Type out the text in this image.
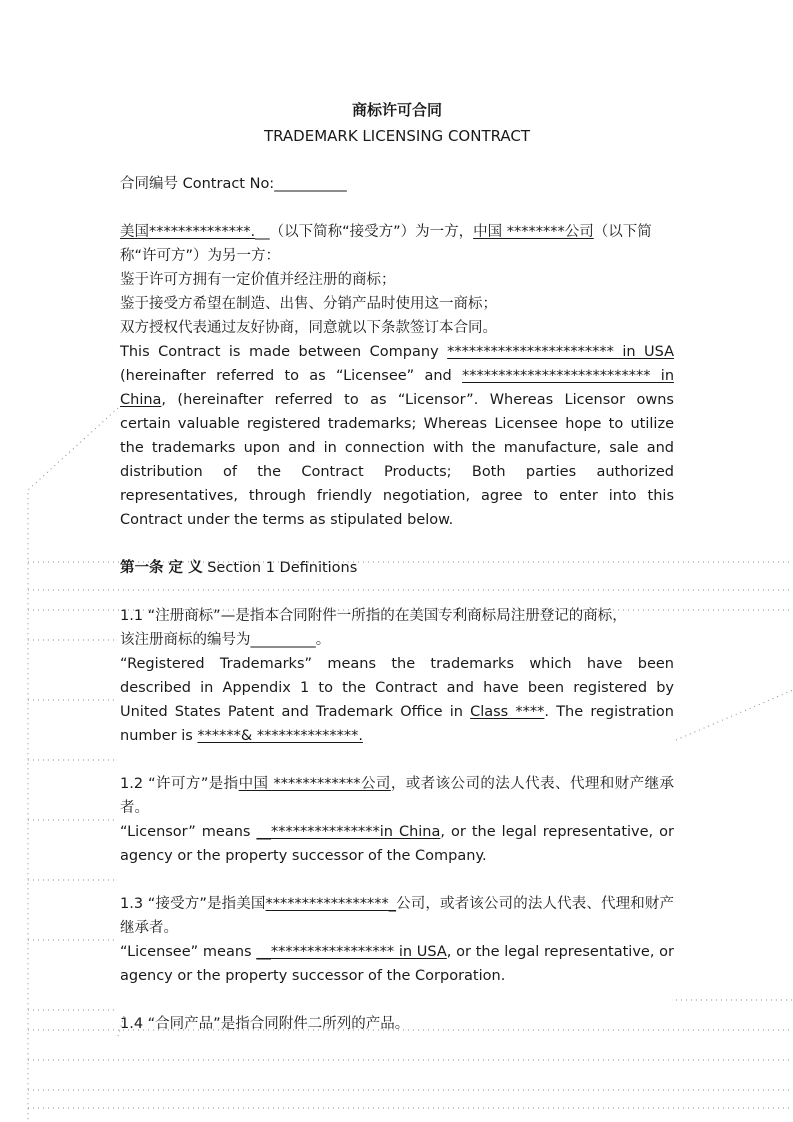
商标许可合同

TRADEMARK LICENSING CONTRACT

合同编号 Contract No:__________

美国**************.__（以下简称“接受方”）为一方，中国 ********公司（以下简

称“许可方”）为另一方：

鉴于许可方拥有一定价值并经注册的商标；

鉴于接受方希望在制造、出售、分销产品时使用这一商标；

双方授权代表通过友好协商，同意就以下条款签订本合同。

This Contract is made between Company *********************** in USA (hereinafter referred to as “Licensee” and ************************** in China, (hereinafter referred to as “Licensor”. Whereas Licensor owns certain valuable registered trademarks; Whereas Licensee hope to utilize the trademarks upon and in connection with the manufacture, sale and distribution of the Contract Products; Both parties authorized representatives, through friendly negotiation, agree to enter into this Contract under the terms as stipulated below.

第一条 定 义 Section 1 Definitions

1.1 “注册商标”—是指本合同附件一所指的在美国专利商标局注册登记的商标，

该注册商标的编号为_________。

“Registered Trademarks” means the trademarks which have been described in Appendix 1 to the Contract and have been registered by United States Patent and Trademark Office in Class ****. The registration number is ******& **************.

1.2 “许可方”是指中国 ************公司，或者该公司的法人代表、代理和财产继承者。

“Licensor” means __***************in China, or the legal representative, or agency or the property successor of the Company.

1.3 “接受方”是指美国*****************_公司，或者该公司的法人代表、代理和财产继承者。

“Licensee” means __***************** in USA, or the legal representative, or agency or the property successor of the Corporation.

1.4 “合同产品”是指合同附件二所列的产品。
